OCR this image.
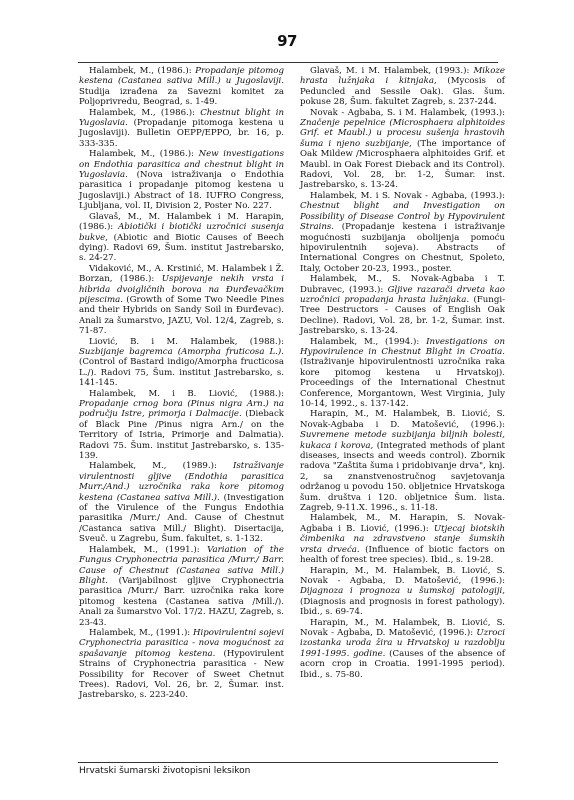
97

Halambek, M., (1986.): Propadanje pitomog kestena (Castanea sativa Mill.) u Jugoslaviji. Studija izrađena za Savezni komitet za Poljoprivredu, Beograd, s. 1-49.

Halambek, M., (1986.): Chestnut blight in Yugoslavia. (Propadanje pitomoga kestena u Jugoslaviji). Bulletin OEPP/EPPO, br. 16, p. 333-335.

Halambek, M., (1986.): New investigations on Endothia parasitica and chestnut blight in Yugoslavia. (Nova istraživanja o Endothia parasitica i propadanje pitomog kestena u Jugoslaviji.) Abstract of 18. IUFRO Congress, Ljubljana, vol. II, Division 2, Poster No. 227.

Glavaš, M., M. Halambek i M. Harapin, (1986.): Abiotički i biotički uzročnici susenja bukve, (Abiotic and Biotic Causes of Beech dying). Radovi 69, Šum. institut Jastrebarsko, s. 24-27.

Vidaković, M., A. Krstinić, M. Halambek i Ž. Borzan, (1986.): Uspijevanje nekih vrsta i hibrida dvoigličnih borova na Đurđevačkim pijescima. (Growth of Some Two Needle Pines and their Hybrids on Sandy Soil in Đurđevac). Anali za šumarstvo, JAZU, Vol. 12/4, Zagreb, s. 71-87.

Liović, B. i M. Halambek, (1988.): Suzbijanje bagremca (Amorpha fruticosa L.). (Control of Bastard indigo/Amorpha fructicosa L./). Radovi 75, Šum. institut Jastrebarsko, s. 141-145.

Halambek, M. i B. Liović, (1988.): Propadanje crnog bora (Pinus nigra Arn.) na području Istre, primorja i Dalmacije. (Dieback of Black Pine /Pinus nigra Arn./ on the Territory of Istria, Primorje and Dalmatia). Radovi 75. Šum. institut Jastrebarsko, s. 135-139.

Halambek, M., (1989.): Istraživanje virulentnosti gljive (Endothia parasitica Murr./And.) uzročnika raka kore pitomog kestena (Castanea sativa Mill.). (Investigation of the Virulence of the Fungus Endothia parasitika /Murr./ And. Cause of Chestnut /Castanca sativa Mill./ Blight). Disertacija, Sveuč. u Zagrebu, Šum. fakultet, s. 1-132.

Halambek, M., (1991.): Variation of the Fungus Cryphonectria parasitica /Murr./ Barr. Cause of Chestnut (Castanea sativa Mill.) Blight. (Varijabilnost gljive Cryphonectria parasitica /Murr./ Barr. uzročnika raka kore pitomog kestena (Castanea sativa /Mill./). Anali za šumarstvo Vol. 17/2. HAZU, Zagreb, s. 23-43.

Halambek, M., (1991.): Hipovirulentni sojevi Cryphonectria parasitica - nova mogućnost za spašavanje pitomog kestena. (Hypovirulent Strains of Cryphonectria parasitica - New Possibility for Recover of Sweet Chetnut Trees). Radovi, Vol. 26, br. 2, Šumar. inst. Jastrebarsko, s. 223-240.

Glavaš, M. i M. Halambek, (1993.): Mikoze hrasta lužnjaka i kitnjaka, (Mycosis of Peduncled and Sessile Oak). Glas. šum. pokuse 28, Šum. fakultet Zagreb, s. 237-244.

Novak - Agbaba, S. i M. Halambek, (1993.): Značenje pepelnice (Microsphaera alphitoides Grif. et Maubl.) u procesu sušenja hrastovih šuma i njeno suzbijanje, (The importance of Oak Mildew /Microsphaera alphitoides Grif. et Maubl. in Oak Forest Dieback and its Control). Radovi, Vol. 28, br. 1-2, Šumar. inst. Jastrebarsko, s. 13-24.

Halambek, M. i S. Novak - Agbaba, (1993.): Chestnut blight and Investigation on Possibility of Disease Control by Hypovirulent Strains. (Propadanje kestena i istraživanje mogućnosti suzbijanja obolijenja pomoću hipovirulentnih sojeva). Abstracts of International Congres on Chestnut, Spoleto, Italy, October 20-23, 1993., poster.

Halambek, M., S. Novak-Agbaba i T. Dubravec, (1993.): Gljive razarači drveta kao uzročnici propadanja hrasta lužnjaka. (Fungi-Tree Destructors - Causes of English Oak Decline). Radovi, Vol. 28, br. 1-2, Šumar. inst. Jastrebarsko, s. 13-24.

Halambek, M., (1994.): Investigations on Hypovirulence in Chestnut Blight in Croatia. (Istraživanje hipovirulentnosti uzročnika raka kore pitomog kestena u Hrvatskoj). Proceedings of the International Chestnut Conference, Morgantown, West Virginia, July 10-14, 1992., s. 137-142.

Harapin, M., M. Halambek, B. Liović, S. Novak-Agbaba i D. Matošević, (1996.): Suvremene metode suzbijanja biljnih bolesti, kukaca i korova, (Integrated methods of plant diseases, insects and weeds control). Zbornik radova "Zaštita šuma i pridobivanje drva", knj. 2, sa znanstvenostručnog savjetovanja održanog u povodu 150. obljetnice Hrvatskoga šum. društva i 120. obljetnice Šum. lista. Zagreb, 9-11.X. 1996., s. 11-18.

Halambek, M., M. Harapin, S. Novak-Agbaba i B. Liović, (1996.): Utjecaj biotskih čimbenika na zdravstveno stanje šumskih vrsta drveća. (Influence of biotic factors on health of forest tree species). Ibid., s. 19-28.

Harapin, M., M. Halambek, B. Liović, S. Novak - Agbaba, D. Matošević, (1996.): Dijagnoza i prognoza u šumskoj patologiji, (Diagnosis and prognosis in forest pathology). Ibid., s. 69-74.

Harapin, M., M. Halambek, B. Liović, S. Novak - Agbaba, D. Matošević, (1996.): Uzroci izostanka uroda žira u Hrvatskoj u razdoblju 1991-1995. godine. (Causes of the absence of acorn crop in Croatia. 1991-1995 period). Ibid., s. 75-80.

Hrvatski šumarski životopisni leksikon
